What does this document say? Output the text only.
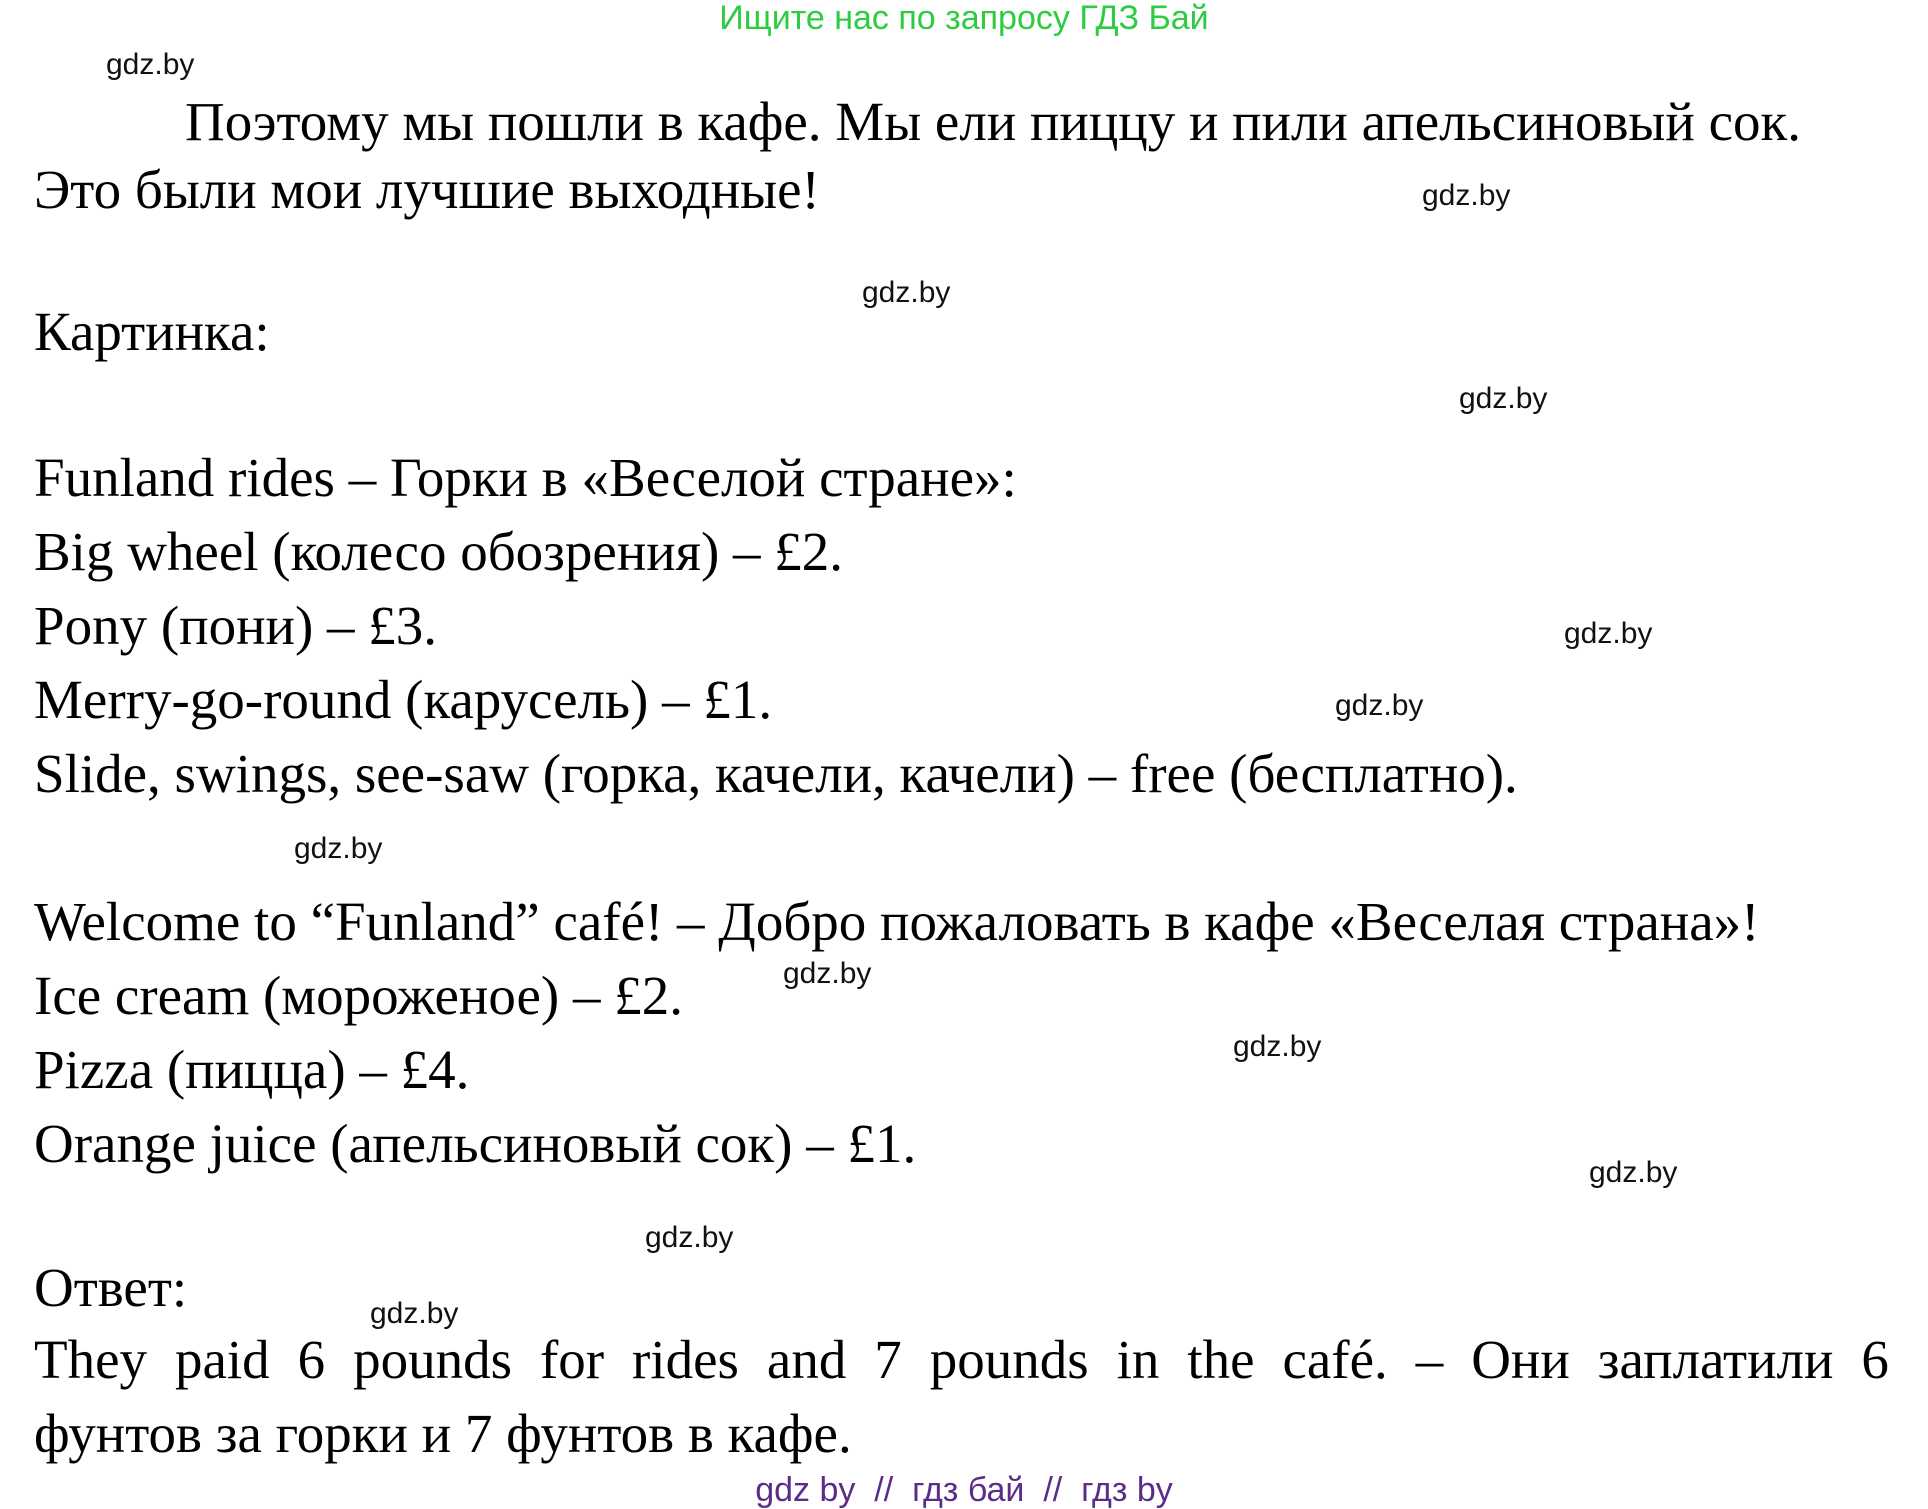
Ищите нас по запросу ГДЗ Бай
gdz.by
gdz.by
gdz.by
gdz.by
gdz.by
gdz.by
gdz.by
gdz.by
gdz.by
gdz.by
gdz.by
gdz.by
Поэтому мы пошли в кафе. Мы ели пиццу и пили апельсиновый сок.
Это были мои лучшие выходные!
Картинка:
Funland rides – Горки в «Веселой стране»:
Big wheel (колесо обозрения) – £2.
Pony (пони) – £3.
Merry-go-round (карусель) – £1.
Slide, swings, see-saw (горка, качели, качели) – free (бесплатно).
Welcome to “Funland” café! – Добро пожаловать в кафе «Веселая страна»!
Ice cream (мороженое) – £2.
Pizza (пицца) – £4.
Orange juice (апельсиновый сок) – £1.
Ответ:
They paid 6 pounds for rides and 7 pounds in the café. – Они заплатили 6
фунтов за горки и 7 фунтов в кафе.
gdz by  //  гдз бай  //  гдз by
